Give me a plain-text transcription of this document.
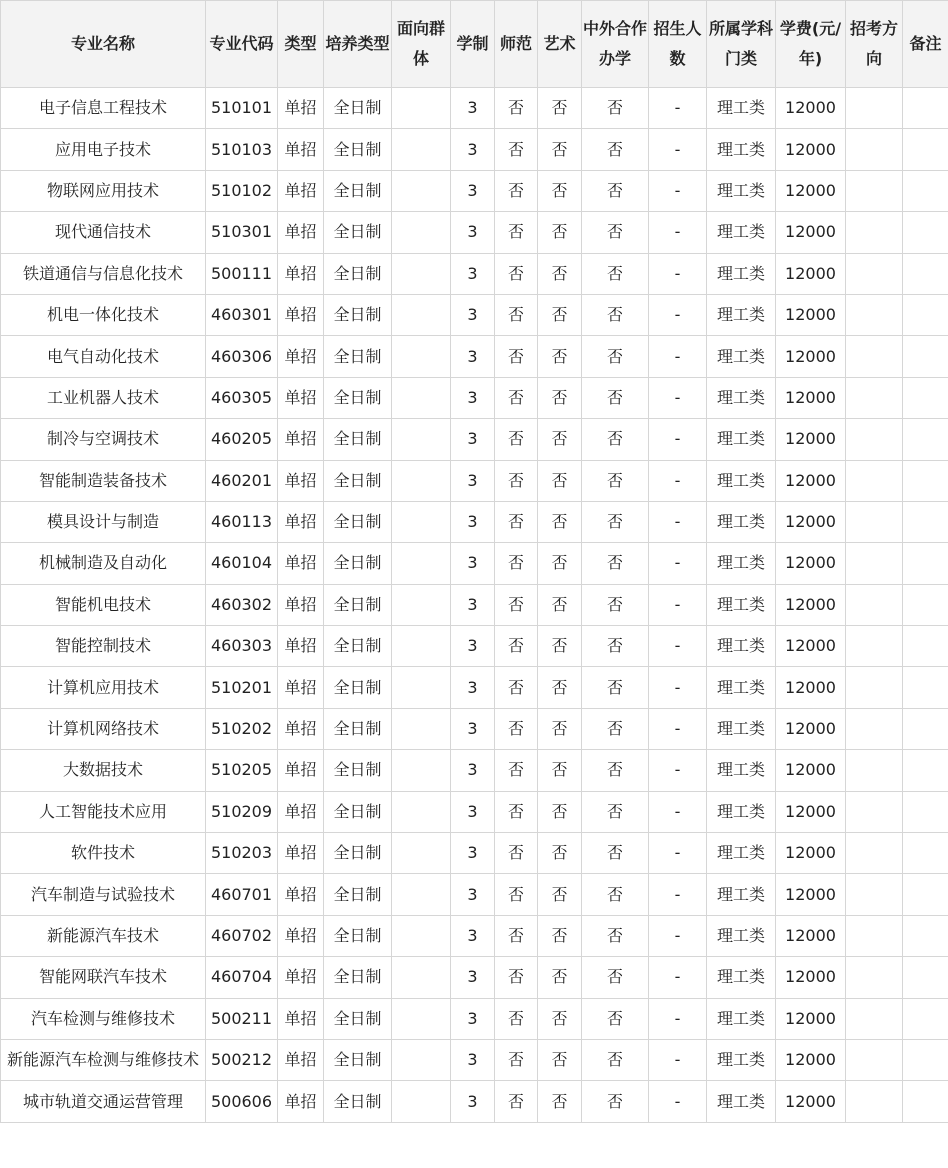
专业名称	专业代码	类型	培养类型	面向群体	学制	师范	艺术	中外合作办学	招生人数	所属学科门类	学费(元/年)	招考方向	备注
电子信息工程技术	510101	单招	全日制		3	否	否	否	-	理工类	12000		
应用电子技术	510103	单招	全日制		3	否	否	否	-	理工类	12000		
物联网应用技术	510102	单招	全日制		3	否	否	否	-	理工类	12000		
现代通信技术	510301	单招	全日制		3	否	否	否	-	理工类	12000		
铁道通信与信息化技术	500111	单招	全日制		3	否	否	否	-	理工类	12000		
机电一体化技术	460301	单招	全日制		3	否	否	否	-	理工类	12000		
电气自动化技术	460306	单招	全日制		3	否	否	否	-	理工类	12000		
工业机器人技术	460305	单招	全日制		3	否	否	否	-	理工类	12000		
制冷与空调技术	460205	单招	全日制		3	否	否	否	-	理工类	12000		
智能制造装备技术	460201	单招	全日制		3	否	否	否	-	理工类	12000		
模具设计与制造	460113	单招	全日制		3	否	否	否	-	理工类	12000		
机械制造及自动化	460104	单招	全日制		3	否	否	否	-	理工类	12000		
智能机电技术	460302	单招	全日制		3	否	否	否	-	理工类	12000		
智能控制技术	460303	单招	全日制		3	否	否	否	-	理工类	12000		
计算机应用技术	510201	单招	全日制		3	否	否	否	-	理工类	12000		
计算机网络技术	510202	单招	全日制		3	否	否	否	-	理工类	12000		
大数据技术	510205	单招	全日制		3	否	否	否	-	理工类	12000		
人工智能技术应用	510209	单招	全日制		3	否	否	否	-	理工类	12000		
软件技术	510203	单招	全日制		3	否	否	否	-	理工类	12000		
汽车制造与试验技术	460701	单招	全日制		3	否	否	否	-	理工类	12000		
新能源汽车技术	460702	单招	全日制		3	否	否	否	-	理工类	12000		
智能网联汽车技术	460704	单招	全日制		3	否	否	否	-	理工类	12000		
汽车检测与维修技术	500211	单招	全日制		3	否	否	否	-	理工类	12000		
新能源汽车检测与维修技术	500212	单招	全日制		3	否	否	否	-	理工类	12000		
城市轨道交通运营管理	500606	单招	全日制		3	否	否	否	-	理工类	12000		
